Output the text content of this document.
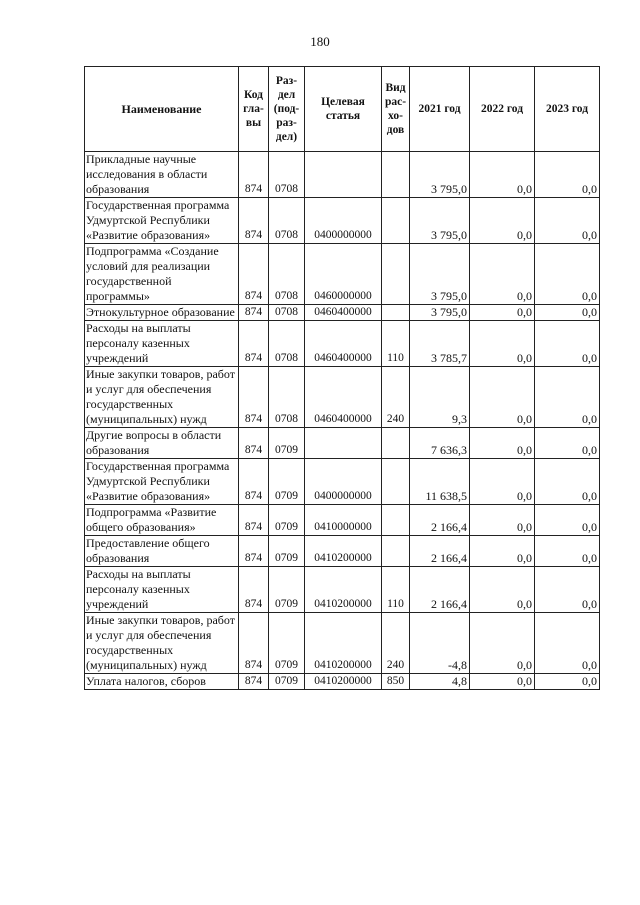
180
Наименование	Код гла-вы	Раз-дел (под-раз-дел)	Целевая статья	Вид рас-хо-дов	2021 год	2022 год	2023 год
Прикладные научные исследования в области образования	874	0708			3 795,0	0,0	0,0
Государственная программа Удмуртской Республики «Развитие образования»	874	0708	0400000000		3 795,0	0,0	0,0
Подпрограмма «Создание условий для реализации государственной программы»	874	0708	0460000000		3 795,0	0,0	0,0
Этнокультурное образование	874	0708	0460400000		3 795,0	0,0	0,0
Расходы на выплаты персоналу казенных учреждений	874	0708	0460400000	110	3 785,7	0,0	0,0
Иные закупки товаров, работ и услуг для обеспечения государственных (муниципальных) нужд	874	0708	0460400000	240	9,3	0,0	0,0
Другие вопросы в области образования	874	0709			7 636,3	0,0	0,0
Государственная программа Удмуртской Республики «Развитие образования»	874	0709	0400000000		11 638,5	0,0	0,0
Подпрограмма «Развитие общего образования»	874	0709	0410000000		2 166,4	0,0	0,0
Предоставление общего образования	874	0709	0410200000		2 166,4	0,0	0,0
Расходы на выплаты персоналу казенных учреждений	874	0709	0410200000	110	2 166,4	0,0	0,0
Иные закупки товаров, работ и услуг для обеспечения государственных (муниципальных) нужд	874	0709	0410200000	240	-4,8	0,0	0,0
Уплата налогов, сборов	874	0709	0410200000	850	4,8	0,0	0,0
